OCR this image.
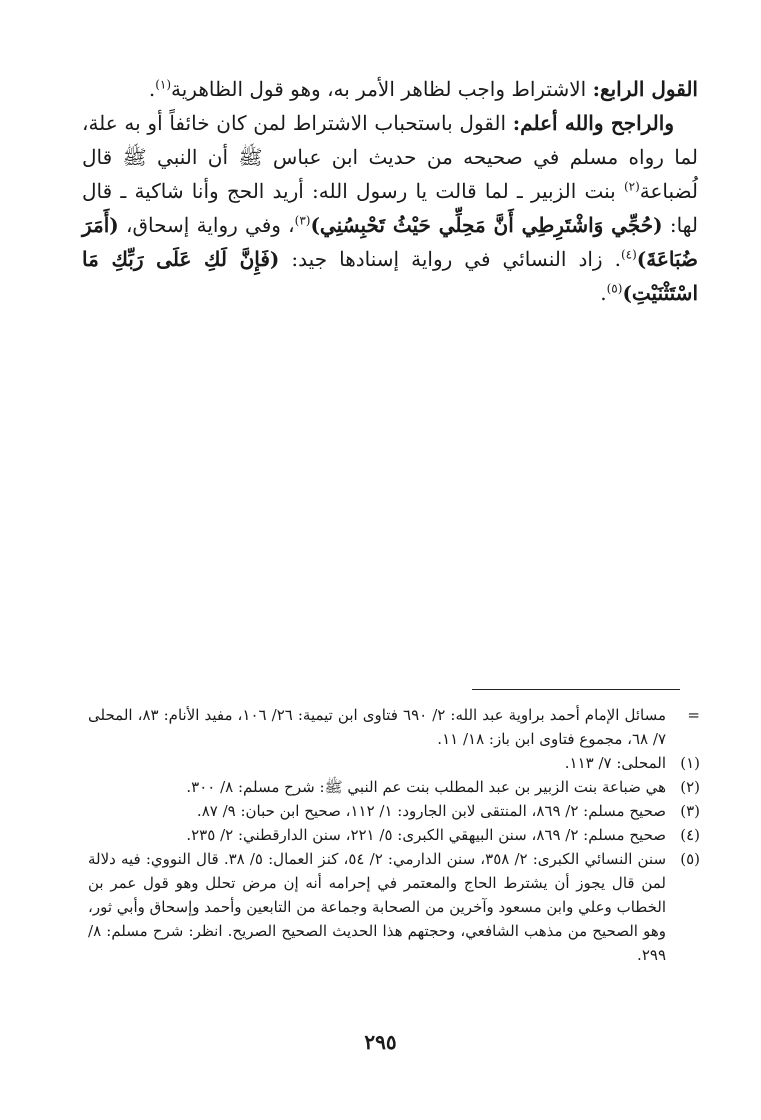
القول الرابع: الاشتراط واجب لظاهر الأمر به، وهو قول الظاهرية$^{(١)}$.

والراجح والله أعلم: القول باستحباب الاشتراط لمن كان خائفاً أو به علة، لما رواه مسلم في صحيحه من حديث ابن عباس ﷺ أن النبي ﷺ قال لُضباعة$^{(٢)}$ بنت الزبير ـ لما قالت يا رسول الله: أريد الحج وأنا شاكية ـ قال لها: (حُجِّي وَاشْتَرِطِي أَنَّ مَحِلِّي حَيْثُ تَحْبِسُنِي)$^{(٣)}$، وفي رواية إسحاق، (أَمَرَ ضُبَاعَةَ)$^{(٤)}$. زاد النسائي في رواية إسنادها جيد: (فَإِنَّ لَكِ عَلَى رَبِّكِ مَا اسْتَثْنَيْتِ)$^{(٥)}$.

=
مسائل الإمام أحمد براوية عبد الله: ٢/ ٦٩٠ فتاوى ابن تيمية: ٢٦/ ١٠٦، مفيد الأنام: ٨٣، المحلى ٧/ ٦٨، مجموع فتاوى ابن باز: ١٨/ ١١.
(١)
المحلى: ٧/ ١١٣.
(٢)
هي ضباعة بنت الزبير بن عبد المطلب بنت عم النبي ﷺ: شرح مسلم: ٨/ ٣٠٠.
(٣)
صحيح مسلم: ٢/ ٨٦٩، المنتقى لابن الجارود: ١/ ١١٢، صحيح ابن حبان: ٩/ ٨٧.
(٤)
صحيح مسلم: ٢/ ٨٦٩، سنن البيهقي الكبرى: ٥/ ٢٢١، سنن الدارقطني: ٢/ ٢٣٥.
(٥)
سنن النسائي الكبرى: ٢/ ٣٥٨، سنن الدارمي: ٢/ ٥٤، كنز العمال: ٥/ ٣٨. قال النووي: فيه دلالة لمن قال يجوز أن يشترط الحاج والمعتمر في إحرامه أنه إن مرض تحلل وهو قول عمر بن الخطاب وعلي وابن مسعود وآخرين من الصحابة وجماعة من التابعين وأحمد وإسحاق وأبي ثور، وهو الصحيح من مذهب الشافعي، وحجتهم هذا الحديث الصحيح الصريح. انظر: شرح مسلم: ٨/ ٢٩٩.
٢٩٥
